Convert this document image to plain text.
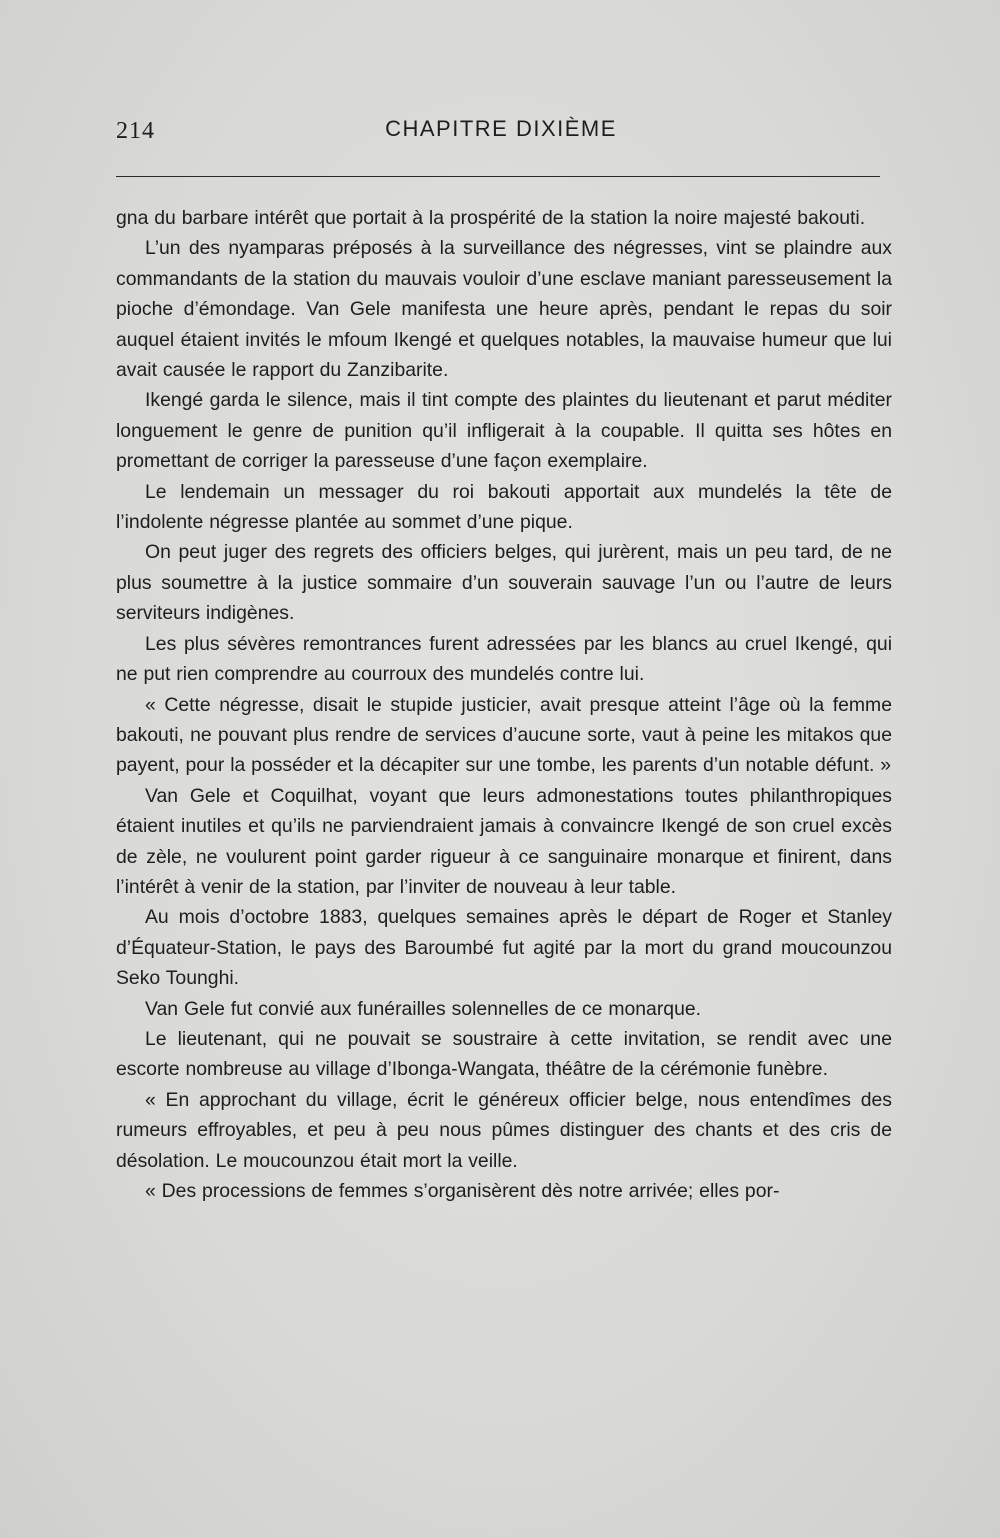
214	CHAPITRE DIXIÈME

gna du barbare intérêt que portait à la prospérité de la station la noire majesté bakouti.

L’un des nyamparas préposés à la surveillance des négresses, vint se plaindre aux commandants de la station du mauvais vouloir d’une esclave maniant paresseusement la pioche d’émondage. Van Gele manifesta une heure après, pendant le repas du soir auquel étaient invités le mfoum Ikengé et quelques notables, la mauvaise humeur que lui avait causée le rapport du Zanzibarite.

Ikengé garda le silence, mais il tint compte des plaintes du lieutenant et parut méditer longuement le genre de punition qu’il infligerait à la coupable. Il quitta ses hôtes en promettant de corriger la paresseuse d’une façon exemplaire.

Le lendemain un messager du roi bakouti apportait aux mundelés la tête de l’indolente négresse plantée au sommet d’une pique.

On peut juger des regrets des officiers belges, qui jurèrent, mais un peu tard, de ne plus soumettre à la justice sommaire d’un souverain sauvage l’un ou l’autre de leurs serviteurs indigènes.

Les plus sévères remontrances furent adressées par les blancs au cruel Ikengé, qui ne put rien comprendre au courroux des mundelés contre lui.

« Cette négresse, disait le stupide justicier, avait presque atteint l’âge où la femme bakouti, ne pouvant plus rendre de services d’aucune sorte, vaut à peine les mitakos que payent, pour la posséder et la décapiter sur une tombe, les parents d’un notable défunt. »

Van Gele et Coquilhat, voyant que leurs admonestations toutes philanthropiques étaient inutiles et qu’ils ne parviendraient jamais à convaincre Ikengé de son cruel excès de zèle, ne voulurent point garder rigueur à ce sanguinaire monarque et finirent, dans l’intérêt à venir de la station, par l’inviter de nouveau à leur table.

Au mois d’octobre 1883, quelques semaines après le départ de Roger et Stanley d’Équateur-Station, le pays des Baroumbé fut agité par la mort du grand moucounzou Seko Tounghi.

Van Gele fut convié aux funérailles solennelles de ce monarque.

Le lieutenant, qui ne pouvait se soustraire à cette invitation, se rendit avec une escorte nombreuse au village d’Ibonga-Wangata, théâtre de la cérémonie funèbre.

« En approchant du village, écrit le généreux officier belge, nous entendîmes des rumeurs effroyables, et peu à peu nous pûmes distinguer des chants et des cris de désolation. Le moucounzou était mort la veille.

« Des processions de femmes s’organisèrent dès notre arrivée; elles por-
